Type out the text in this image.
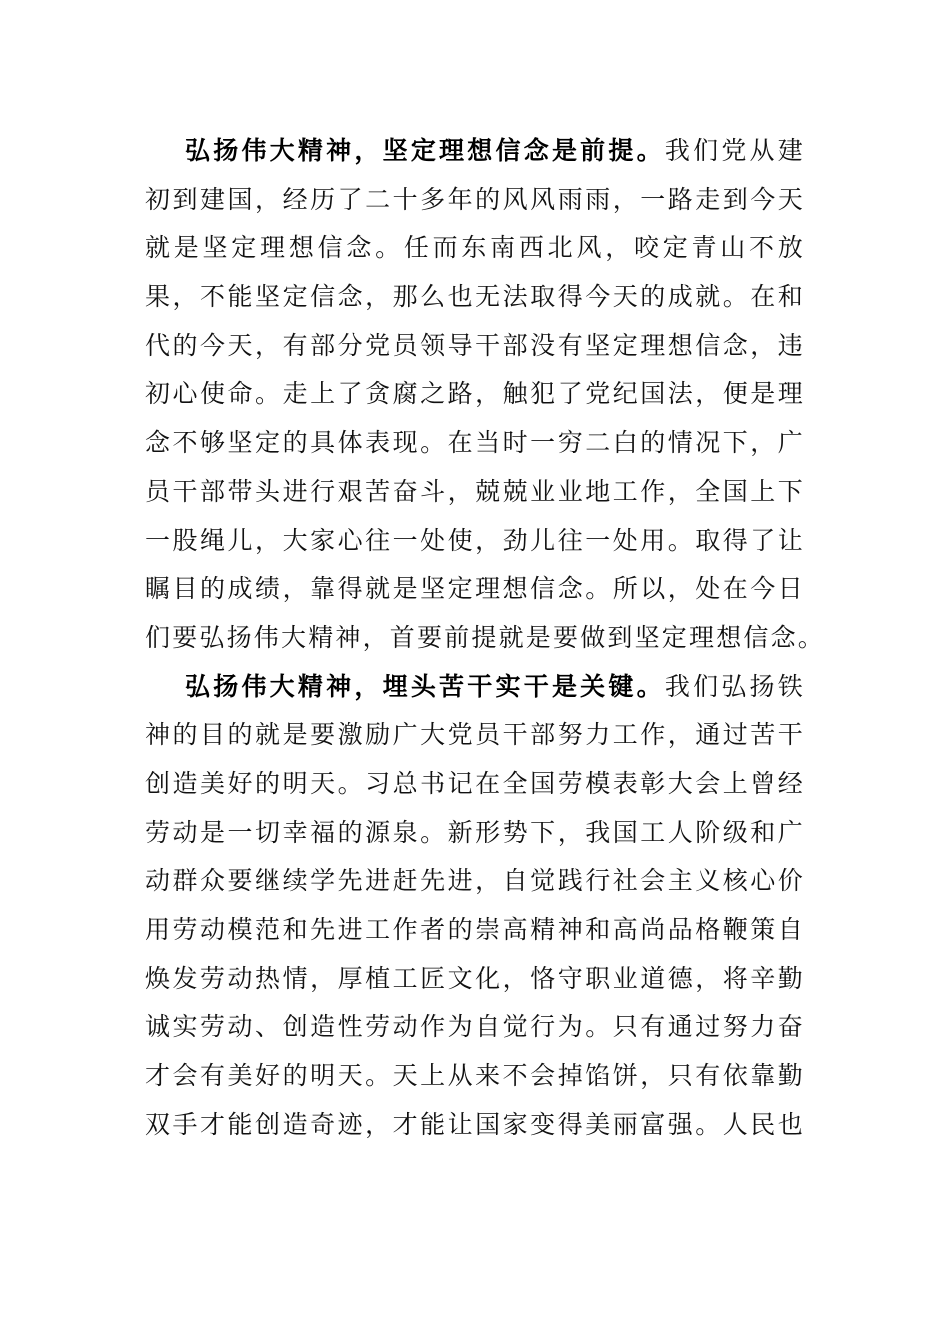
弘扬伟大精神，坚定理想信念是前提。我们党从建
初到建国，经历了二十多年的风风雨雨，一路走到今天
就是坚定理想信念。任而东南西北风，咬定青山不放
果，不能坚定信念，那么也无法取得今天的成就。在和
代的今天，有部分党员领导干部没有坚定理想信念，违
初心使命。走上了贪腐之路，触犯了党纪国法，便是理
念不够坚定的具体表现。在当时一穷二白的情况下，广
员干部带头进行艰苦奋斗，兢兢业业地工作，全国上下
一股绳儿，大家心往一处使，劲儿往一处用。取得了让
瞩目的成绩，靠得就是坚定理想信念。所以，处在今日
们要弘扬伟大精神，首要前提就是要做到坚定理想信念。
弘扬伟大精神，埋头苦干实干是关键。我们弘扬铁
神的目的就是要激励广大党员干部努力工作，通过苦干
创造美好的明天。习总书记在全国劳模表彰大会上曾经
劳动是一切幸福的源泉。新形势下，我国工人阶级和广
动群众要继续学先进赶先进，自觉践行社会主义核心价
用劳动模范和先进工作者的崇高精神和高尚品格鞭策自
焕发劳动热情，厚植工匠文化，恪守职业道德，将辛勤
诚实劳动、创造性劳动作为自觉行为。只有通过努力奋
才会有美好的明天。天上从来不会掉馅饼，只有依靠勤
双手才能创造奇迹，才能让国家变得美丽富强。人民也
